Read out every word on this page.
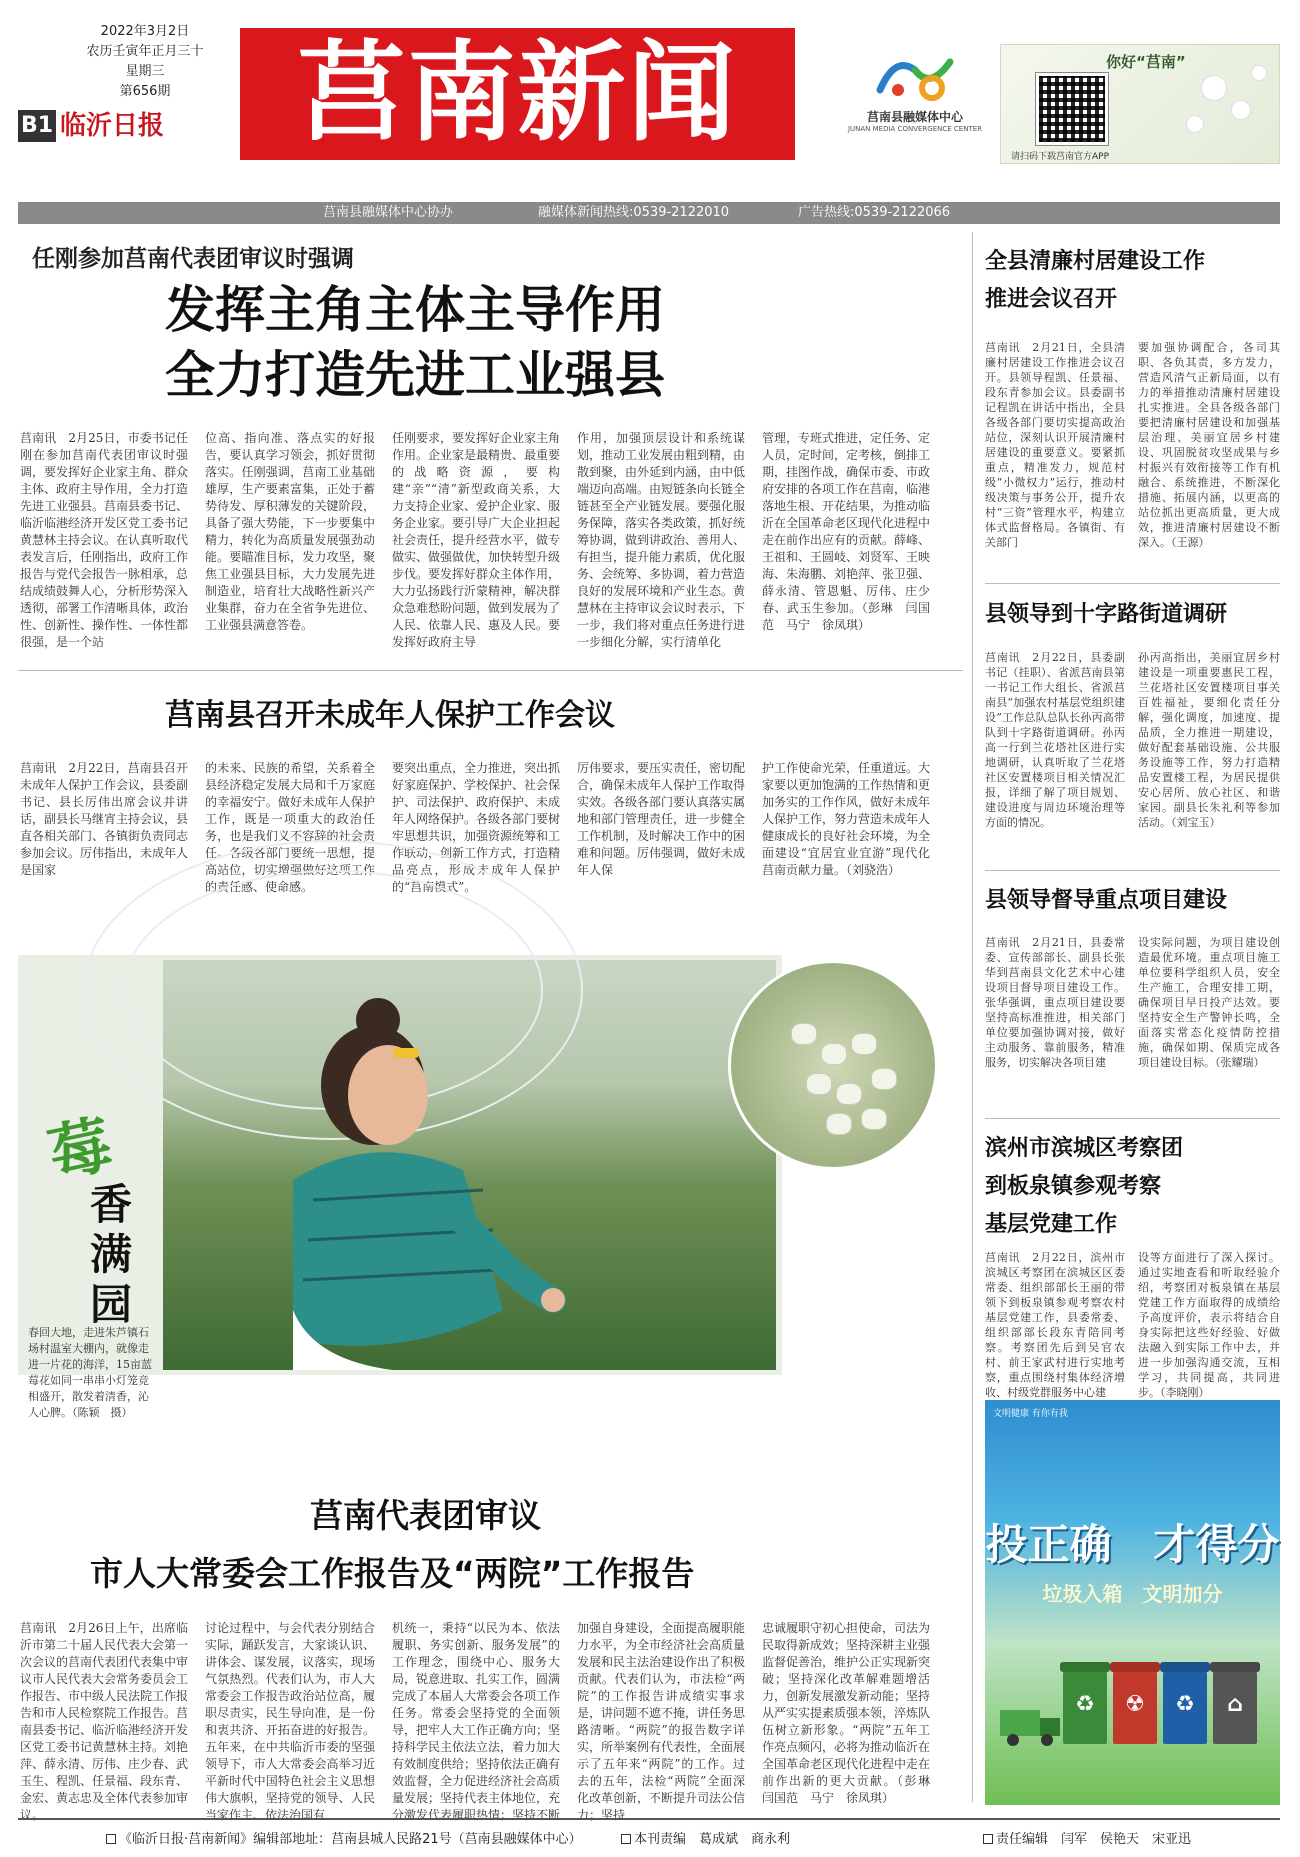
2022年3月2日
农历壬寅年正月三十
星期三
第656期
B1 临沂日报	莒南新闻	莒南县融媒体中心
JUNAN MEDIA CONVERGENCE CENTER
你好“莒南”
请扫码下载莒南官方APP
莒南县融媒体中心协办	融媒体新闻热线:0539-2122010	广告热线:0539-2122066
任刚参加莒南代表团审议时强调
发挥主角主体主导作用
全力打造先进工业强县
莒南讯　2月25日，市委书记任刚在参加莒南代表团审议时强调，要发挥好企业家主角、群众主体、政府主导作用，全力打造先进工业强县。莒南县委书记、临沂临港经济开发区党工委书记黄慧林主持会议。在认真听取代表发言后，任刚指出，政府工作报告与党代会报告一脉相承，总结成绩鼓舞人心，分析形势深入透彻，部署工作清晰具体，政治性、创新性、操作性、一体性都很强，是一个站
位高、指向准、落点实的好报告，要认真学习领会，抓好贯彻落实。任刚强调，莒南工业基础雄厚，生产要素富集，正处于蓄势待发、厚积薄发的关键阶段，具备了强大势能，下一步要集中精力，转化为高质量发展强劲动能。要瞄准目标，发力攻坚，聚焦工业强县目标，大力发展先进制造业，培育壮大战略性新兴产业集群，奋力在全省争先进位、工业强县满意答卷。
任刚要求，要发挥好企业家主角作用。企业家是最精贵、最重要的战略资源，要构建“亲”“清”新型政商关系，大力支持企业家、爱护企业家、服务企业家。要引导广大企业担起社会责任，提升经营水平，做专做实、做强做优，加快转型升级步伐。要发挥好群众主体作用，大力弘扬践行沂蒙精神，解决群众急难愁盼问题，做到发展为了人民、依靠人民、惠及人民。要发挥好政府主导
作用，加强顶层设计和系统谋划，推动工业发展由粗到精，由散到聚，由外延到内涵，由中低端迈向高端。由短链条向长链全链甚至全产业链发展。要强化服务保障，落实各类政策，抓好统筹协调，做到讲政治、善用人、有担当，提升能力素质，优化服务、会统筹、多协调，着力营造良好的发展环境和产业生态。黄慧林在主持审议会议时表示，下一步，我们将对重点任务进行进一步细化分解，实行清单化
管理，专班式推进，定任务、定人员，定时间，定考核，倒排工期，挂图作战，确保市委、市政府安排的各项工作在莒南，临港落地生根、开花结果，为推动临沂在全国革命老区现代化进程中走在前作出应有的贡献。薛峰、王祖和、王圆岐、刘贤军、王映海、朱海鹏、刘艳萍、张卫强、薛永清、管恩魁、厉伟、庄少春、武玉生参加。（彭琳　闫国范　马宁　徐凤琪）
莒南县召开未成年人保护工作会议
莒南讯　2月22日，莒南县召开未成年人保护工作会议，县委副书记、县长厉伟出席会议并讲话，副县长马继宵主持会议，县直各相关部门、各镇街负责同志参加会议。厉伟指出，未成年人是国家
的未来、民族的希望，关系着全县经济稳定发展大局和千万家庭的幸福安宁。做好未成年人保护工作，既是一项重大的政治任务，也是我们义不容辞的社会责任。各级各部门要统一思想，提高站位，切实增强做好这项工作的责任感、使命感。
要突出重点，全力推进，突出抓好家庭保护、学校保护、社会保护、司法保护、政府保护、未成年人网络保护。各级各部门要树牢思想共识，加强资源统筹和工作联动，创新工作方式，打造精品亮点，形成未成年人保护的“莒南模式”。
厉伟要求，要压实责任，密切配合，确保未成年人保护工作取得实效。各级各部门要认真落实属地和部门管理责任，进一步健全工作机制，及时解决工作中的困难和问题。厉伟强调，做好未成年人保
护工作使命光荣，任重道远。大家要以更加饱满的工作热情和更加务实的工作作风，做好未成年人保护工作，努力营造未成年人健康成长的良好社会环境，为全面建设“宜居宜业宜游”现代化莒南贡献力量。（刘骁浩）
莓
香满园
春回大地，走进朱芦镇石场村温室大棚内，就像走进一片花的海洋，15亩蓝莓花如同一串串小灯笼竞相盛开，散发着清香，沁人心脾。（陈颖　摄）
莒南代表团审议
市人大常委会工作报告及“两院”工作报告
莒南讯　2月26日上午，出席临沂市第二十届人民代表大会第一次会议的莒南代表团代表集中审议市人民代表大会常务委员会工作报告、市中级人民法院工作报告和市人民检察院工作报告。莒南县委书记、临沂临港经济开发区党工委书记黄慧林主持。刘艳萍、薛永清、厉伟、庄少春、武玉生、程凯、任景福、段东青、金宏、黄志忠及全体代表参加审议。
讨论过程中，与会代表分别结合实际，踊跃发言，大家谈认识、讲体会、谋发展，议落实，现场气氛热烈。代表们认为，市人大常委会工作报告政治站位高，履职尽责实，民生导向准，是一份和衷共济、开拓奋进的好报告。五年来，在中共临沂市委的坚强领导下，市人大常委会高举习近平新时代中国特色社会主义思想伟大旗帜，坚持党的领导、人民当家作主、依法治国有
机统一，秉持“以民为本、依法履职、务实创新、服务发展”的工作理念，围绕中心、服务大局，锐意进取、扎实工作，圆满完成了本届人大常委会各项工作任务。常委会坚持党的全面领导，把牢人大工作正确方向；坚持科学民主依法立法，着力加大有效制度供给；坚持依法正确有效监督，全力促进经济社会高质量发展；坚持代表主体地位，充分激发代表履职热情；坚持不断
加强自身建设，全面提高履职能力水平，为全市经济社会高质量发展和民主法治建设作出了积极贡献。代表们认为，市法检“两院”的工作报告讲成绩实事求是，讲问题不遮不掩，讲任务思路清晰。“两院”的报告数字详实，所举案例有代表性，全面展示了五年来“两院”的工作。过去的五年，法检“两院”全面深化改革创新，不断提升司法公信力；坚持
忠诚履职守初心担使命，司法为民取得新成效；坚持深耕主业强监督促善治，维护公正实现新突破；坚持深化改革解难题增活力，创新发展激发新动能；坚持从严实实提素质强本领，淬炼队伍树立新形象。“两院”五年工作亮点频闪，必将为推动临沂在全国革命老区现代化进程中走在前作出新的更大贡献。（彭琳　闫国范　马宁　徐凤琪）
全县清廉村居建设工作
推进会议召开
莒南讯　2月21日，全县清廉村居建设工作推进会议召开。县领导程凯、任景福、段东青参加会议。县委副书记程凯在讲话中指出，全县各级各部门要切实提高政治站位，深刻认识开展清廉村居建设的重要意义。要紧抓重点，精准发力，规范村级“小微权力”运行，推动村级决策与事务公开，提升农村“三资”管理水平，构建立体式监督格局。各镇街、有关部门
要加强协调配合，各司其职、各负其责，多方发力，营造风清气正新局面，以有力的举措推动清廉村居建设扎实推进。全县各级各部门要把清廉村居建设和加强基层治理、美丽宜居乡村建设、巩固脱贫攻坚成果与乡村振兴有效衔接等工作有机融合、系统推进，不断深化措施、拓展内涵，以更高的站位抓出更高质量，更大成效，推进清廉村居建设不断深入。（王源）
县领导到十字路街道调研
莒南讯　2月22日，县委副书记（挂职）、省派莒南县第一书记工作大组长、省派莒南县“加强农村基层党组织建设”工作总队总队长孙丙高带队到十字路街道调研。孙丙高一行到兰花塔社区进行实地调研，认真听取了兰花塔社区安置楼项目相关情况汇报，详细了解了项目规划、建设进度与周边环境治理等方面的情况。
孙丙高指出，美丽宜居乡村建设是一项重要惠民工程，兰花塔社区安置楼项目事关百姓福祉，要细化责任分解，强化调度，加速度、提品质，全力推进一期建设，做好配套基础设施、公共服务设施等工作，努力打造精品安置楼工程，为居民提供安心居所、放心社区、和谐家园。副县长朱礼利等参加活动。（刘宝玉）
县领导督导重点项目建设
莒南讯　2月21日，县委常委、宣传部部长、副县长张华到莒南县文化艺术中心建设项目督导项目建设工作。张华强调，重点项目建设要坚持高标准推进，相关部门单位要加强协调对接，做好主动服务、靠前服务，精准服务，切实解决各项目建
设实际问题，为项目建设创造最优环境。重点项目施工单位要科学组织人员，安全生产施工，合理安排工期，确保项目早日投产达效。要坚持安全生产警钟长鸣，全面落实常态化疫情防控措施，确保如期、保质完成各项目建设目标。（张耀瑞）
滨州市滨城区考察团
到板泉镇参观考察
基层党建工作
莒南讯　2月22日，滨州市滨城区考察团在滨城区区委常委、组织部部长王丽的带领下到板泉镇参观考察农村基层党建工作，县委常委、组织部部长段东青陪同考察。考察团先后到吴官农村、前王家武村进行实地考察，重点围绕村集体经济增收、村级党群服务中心建
设等方面进行了深入探讨。通过实地查看和听取经验介绍，考察团对板泉镇在基层党建工作方面取得的成绩给予高度评价，表示将结合自身实际把这些好经验、好做法融入到实际工作中去，并进一步加强沟通交流，互相学习，共同提高，共同进步。（李晓刚）
文明健康 有你有我
投正确　才得分
垃圾入箱　文明加分
♻	☢	♻	⌂
《临沂日报·莒南新闻》编辑部地址：莒南县城人民路21号（莒南县融媒体中心）	本刊责编　葛成斌　商永利	责任编辑　闫军　侯艳天　宋亚迅
